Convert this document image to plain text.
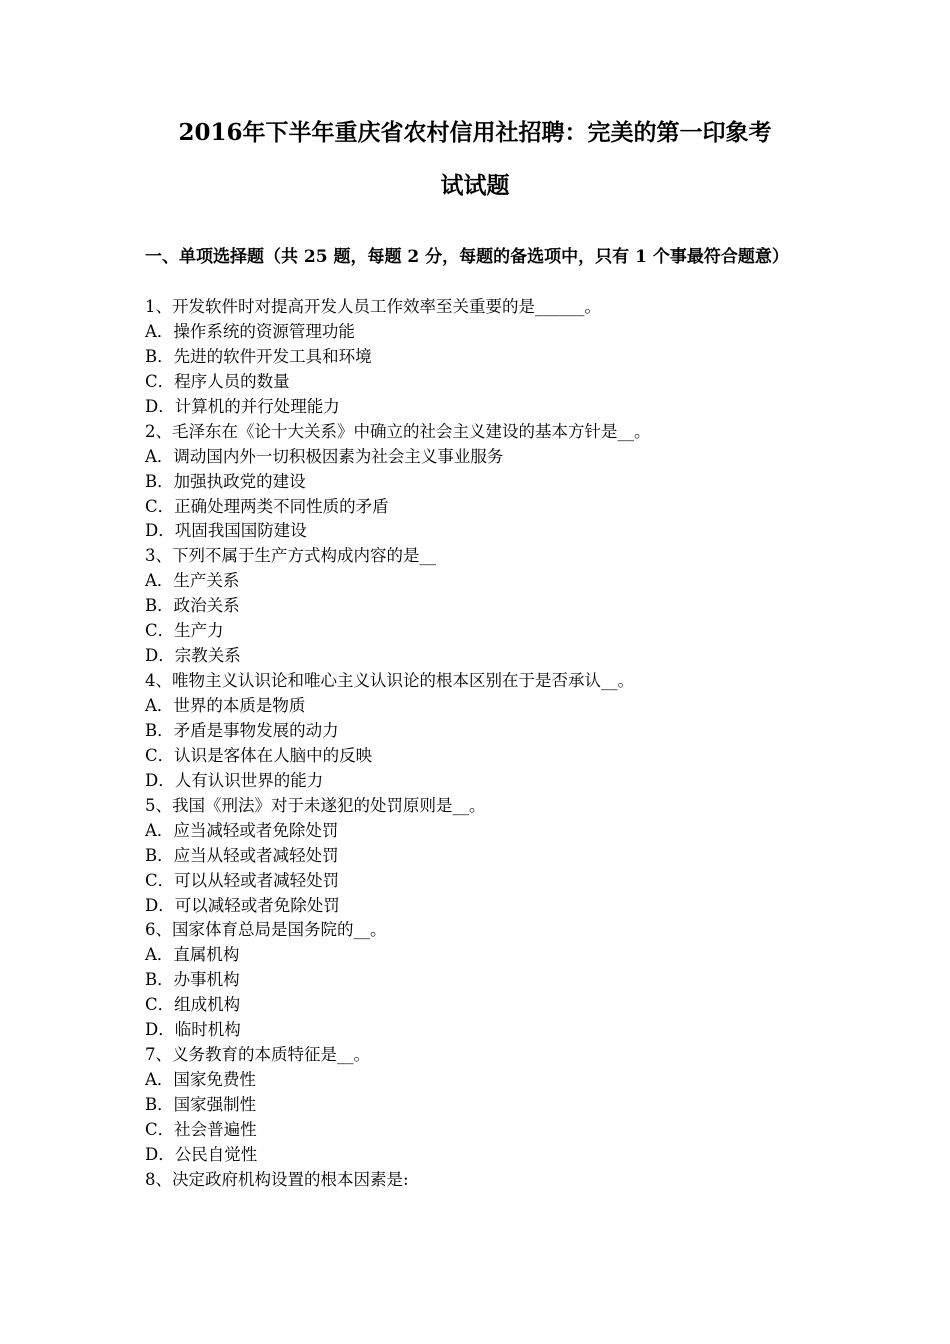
2016年下半年重庆省农村信用社招聘：完美的第一印象考
试试题

一、单项选择题（共 25 题，每题 2 分，每题的备选项中，只有 1 个事最符合题意）

1、开发软件时对提高开发人员工作效率至关重要的是______。
A．操作系统的资源管理功能
B．先进的软件开发工具和环境
C．程序人员的数量
D．计算机的并行处理能力
2、毛泽东在《论十大关系》中确立的社会主义建设的基本方针是__。
A．调动国内外一切积极因素为社会主义事业服务
B．加强执政党的建设
C．正确处理两类不同性质的矛盾
D．巩固我国国防建设
3、下列不属于生产方式构成内容的是__
A．生产关系
B．政治关系
C．生产力
D．宗教关系
4、唯物主义认识论和唯心主义认识论的根本区别在于是否承认__。
A．世界的本质是物质
B．矛盾是事物发展的动力
C．认识是客体在人脑中的反映
D．人有认识世界的能力
5、我国《刑法》对于未遂犯的处罚原则是__。
A．应当减轻或者免除处罚
B．应当从轻或者减轻处罚
C．可以从轻或者减轻处罚
D．可以减轻或者免除处罚
6、国家体育总局是国务院的__。
A．直属机构
B．办事机构
C．组成机构
D．临时机构
7、义务教育的本质特征是__。
A．国家免费性
B．国家强制性
C．社会普遍性
D．公民自觉性
8、决定政府机构设置的根本因素是:
